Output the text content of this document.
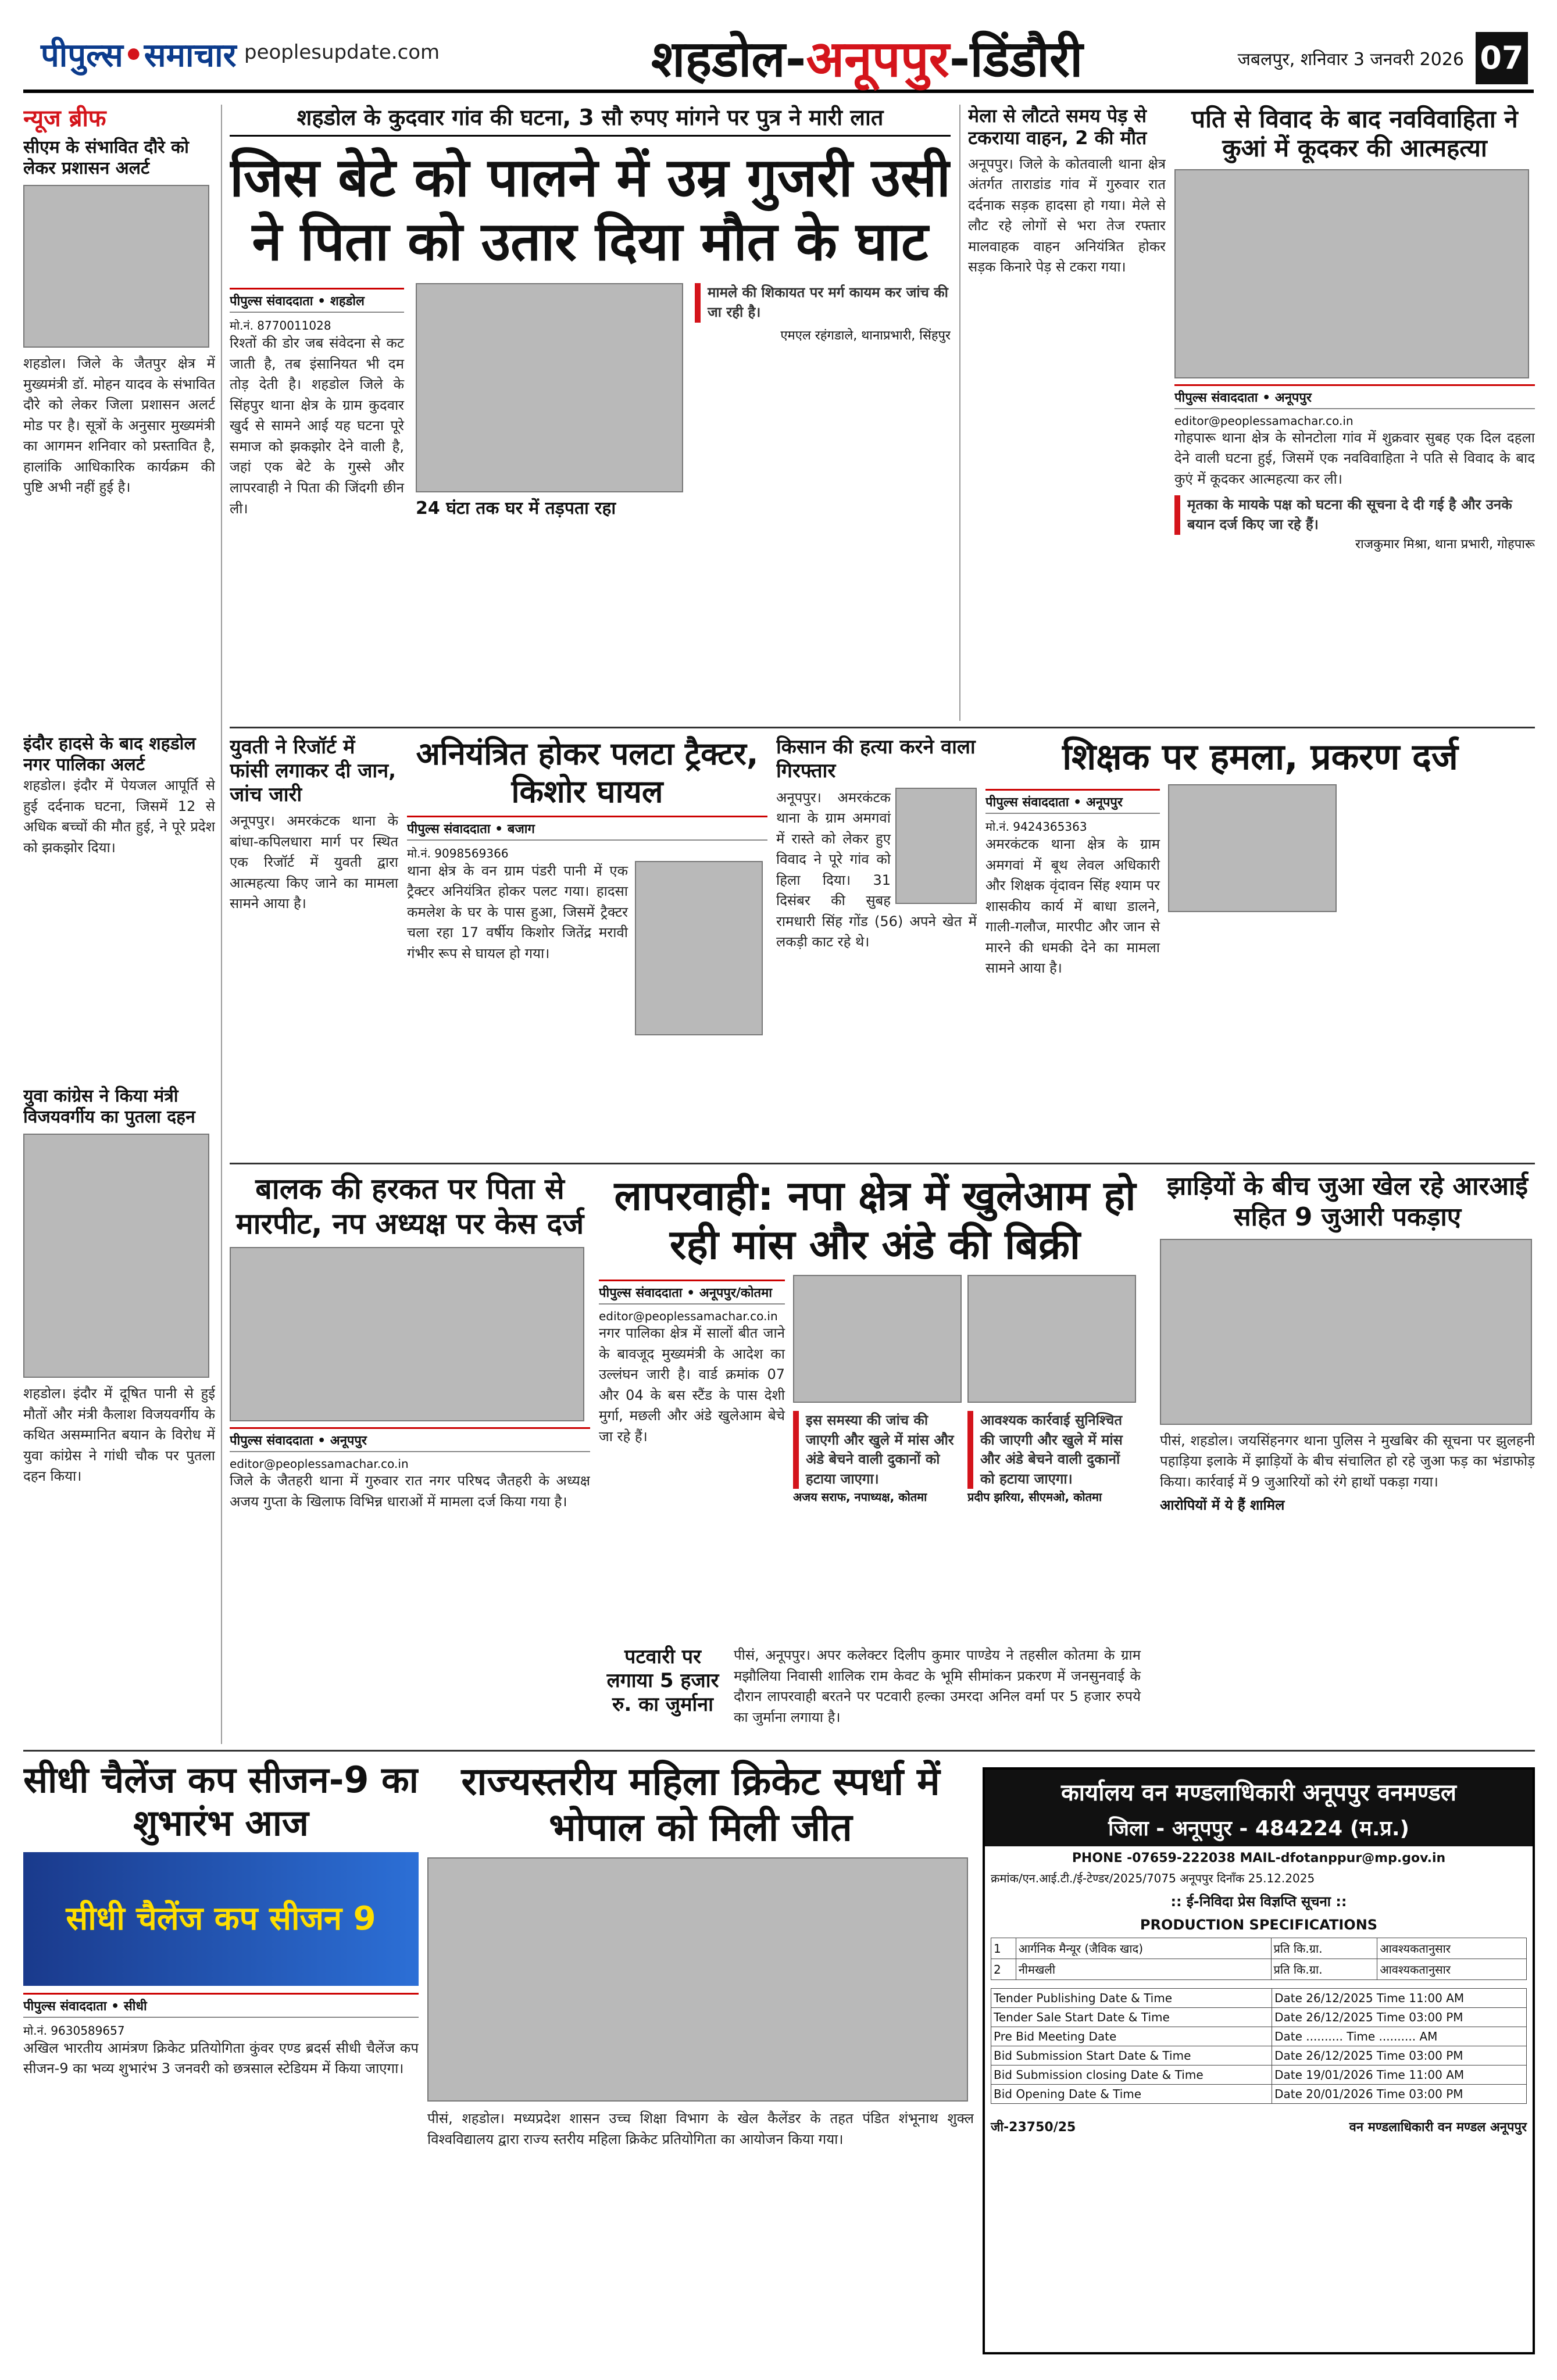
पीपुल्स•समाचार peoplesupdate.com	शहडोल-अनूपपुर-डिंडौरी	जबलपुर, शनिवार 3 जनवरी 2026 07
न्यूज ब्रीफ
सीएम के संभावित दौरे को लेकर प्रशासन अलर्ट
शहडोल। जिले के जैतपुर क्षेत्र में मुख्यमंत्री डॉ. मोहन यादव के संभावित दौरे को लेकर जिला प्रशासन अलर्ट मोड पर है। सूत्रों के अनुसार मुख्यमंत्री का आगमन शनिवार को प्रस्तावित है, हालांकि आधिकारिक कार्यक्रम की पुष्टि अभी नहीं हुई है।
इंदौर हादसे के बाद शहडोल नगर पालिका अलर्ट
शहडोल। इंदौर में पेयजल आपूर्ति से हुई दर्दनाक घटना, जिसमें 12 से अधिक बच्चों की मौत हुई, ने पूरे प्रदेश को झकझोर दिया।
युवा कांग्रेस ने किया मंत्री विजयवर्गीय का पुतला दहन
शहडोल। इंदौर में दूषित पानी से हुई मौतों और मंत्री कैलाश विजयवर्गीय के कथित असम्मानित बयान के विरोध में युवा कांग्रेस ने गांधी चौक पर पुतला दहन किया।
शहडोल के कुदवार गांव की घटना, 3 सौ रुपए मांगने पर पुत्र ने मारी लात
जिस बेटे को पालने में उम्र गुजरी उसी ने पिता को उतार दिया मौत के घाट
पीपुल्स संवाददाता • शहडोल
मो.नं. 8770011028
रिश्तों की डोर जब संवेदना से कट जाती है, तब इंसानियत भी दम तोड़ देती है। शहडोल जिले के सिंहपुर थाना क्षेत्र के ग्राम कुदवार खुर्द से सामने आई यह घटना पूरे समाज को झकझोर देने वाली है, जहां एक बेटे के गुस्से और लापरवाही ने पिता की जिंदगी छीन ली।	24 घंटा तक घर में तड़पता रहा
मामले की शिकायत पर मर्ग कायम कर जांच की जा रही है।
एमएल रहंगडाले, थानाप्रभारी, सिंहपुर
मेला से लौटते समय पेड़ से टकराया वाहन, 2 की मौत
अनूपपुर। जिले के कोतवाली थाना क्षेत्र अंतर्गत ताराडांड गांव में गुरुवार रात दर्दनाक सड़क हादसा हो गया। मेले से लौट रहे लोगों से भरा तेज रफ्तार मालवाहक वाहन अनियंत्रित होकर सड़क किनारे पेड़ से टकरा गया।
पति से विवाद के बाद नवविवाहिता ने कुआं में कूदकर की आत्महत्या
पीपुल्स संवाददाता • अनूपपुर
editor@peoplessamachar.co.in
गोहपारू थाना क्षेत्र के सोनटोला गांव में शुक्रवार सुबह एक दिल दहला देने वाली घटना हुई, जिसमें एक नवविवाहिता ने पति से विवाद के बाद कुएं में कूदकर आत्महत्या कर ली।
मृतका के मायके पक्ष को घटना की सूचना दे दी गई है और उनके बयान दर्ज किए जा रहे हैं।
राजकुमार मिश्रा, थाना प्रभारी, गोहपारू
युवती ने रिजॉर्ट में फांसी लगाकर दी जान, जांच जारी
अनूपपुर। अमरकंटक थाना के बांधा-कपिलधारा मार्ग पर स्थित एक रिजॉर्ट में युवती द्वारा आत्महत्या किए जाने का मामला सामने आया है।
अनियंत्रित होकर पलटा ट्रैक्टर, किशोर घायल
पीपुल्स संवाददाता • बजाग
मो.नं. 9098569366
थाना क्षेत्र के वन ग्राम पंडरी पानी में एक ट्रैक्टर अनियंत्रित होकर पलट गया। हादसा कमलेश के घर के पास हुआ, जिसमें ट्रैक्टर चला रहा 17 वर्षीय किशोर जितेंद्र मरावी गंभीर रूप से घायल हो गया।
किसान की हत्या करने वाला गिरफ्तार
अनूपपुर। अमरकंटक थाना के ग्राम अमगवां में रास्ते को लेकर हुए विवाद ने पूरे गांव को हिला दिया। 31 दिसंबर की सुबह रामधारी सिंह गोंड (56) अपने खेत में लकड़ी काट रहे थे।
शिक्षक पर हमला, प्रकरण दर्ज
पीपुल्स संवाददाता • अनूपपुर
मो.नं. 9424365363
अमरकंटक थाना क्षेत्र के ग्राम अमगवां में बूथ लेवल अधिकारी और शिक्षक वृंदावन सिंह श्याम पर शासकीय कार्य में बाधा डालने, गाली-गलौज, मारपीट और जान से मारने की धमकी देने का मामला सामने आया है।
बालक की हरकत पर पिता से मारपीट, नप अध्यक्ष पर केस दर्ज
पीपुल्स संवाददाता • अनूपपुर
editor@peoplessamachar.co.in
जिले के जैतहरी थाना में गुरुवार रात नगर परिषद जैतहरी के अध्यक्ष अजय गुप्ता के खिलाफ विभिन्न धाराओं में मामला दर्ज किया गया है।
लापरवाही: नपा क्षेत्र में खुलेआम हो रही मांस और अंडे की बिक्री
पीपुल्स संवाददाता • अनूपपुर/कोतमा
editor@peoplessamachar.co.in
नगर पालिका क्षेत्र में सालों बीत जाने के बावजूद मुख्यमंत्री के आदेश का उल्लंघन जारी है। वार्ड क्रमांक 07 और 04 के बस स्टैंड के पास देशी मुर्गा, मछली और अंडे खुलेआम बेचे जा रहे हैं।
इस समस्या की जांच की जाएगी और खुले में मांस और अंडे बेचने वाली दुकानों को हटाया जाएगा।
अजय सराफ, नपाध्यक्ष, कोतमा
आवश्यक कार्रवाई सुनिश्चित की जाएगी और खुले में मांस और अंडे बेचने वाली दुकानों को हटाया जाएगा।
प्रदीप झरिया, सीएमओ, कोतमा
पटवारी पर लगाया 5 हजार रु. का जुर्माना
पीसं, अनूपपुर। अपर कलेक्टर दिलीप कुमार पाण्डेय ने तहसील कोतमा के ग्राम मझौलिया निवासी शालिक राम केवट के भूमि सीमांकन प्रकरण में जनसुनवाई के दौरान लापरवाही बरतने पर पटवारी हल्का उमरदा अनिल वर्मा पर 5 हजार रुपये का जुर्माना लगाया है।
झाड़ियों के बीच जुआ खेल रहे आरआई सहित 9 जुआरी पकड़ाए
पीसं, शहडोल। जयसिंहनगर थाना पुलिस ने मुखबिर की सूचना पर झुलहनी पहाड़िया इलाके में झाड़ियों के बीच संचालित हो रहे जुआ फड़ का भंडाफोड़ किया। कार्रवाई में 9 जुआरियों को रंगे हाथों पकड़ा गया।
आरोपियों में ये हैं शामिल
सीधी चैलेंज कप सीजन-9 का शुभारंभ आज
सीधी चैलेंज कप सीजन 9
पीपुल्स संवाददाता • सीधी
मो.नं. 9630589657
अखिल भारतीय आमंत्रण क्रिकेट प्रतियोगिता कुंवर एण्ड ब्रदर्स सीधी चैलेंज कप सीजन-9 का भव्य शुभारंभ 3 जनवरी को छत्रसाल स्टेडियम में किया जाएगा।
राज्यस्तरीय महिला क्रिकेट स्पर्धा में भोपाल को मिली जीत
पीसं, शहडोल। मध्यप्रदेश शासन उच्च शिक्षा विभाग के खेल कैलेंडर के तहत पंडित शंभूनाथ शुक्ल विश्वविद्यालय द्वारा राज्य स्तरीय महिला क्रिकेट प्रतियोगिता का आयोजन किया गया।
कार्यालय वन मण्डलाधिकारी अनूपपुर वनमण्डल
जिला - अनूपपुर - 484224 (म.प्र.)
PHONE -07659-222038 MAIL-dfotanppur@mp.gov.in
क्रमांक/एन.आई.टी./ई-टेण्डर/2025/7075 अनूपपुर दिनाँक 25.12.2025
:: ई-निविदा प्रेस विज्ञप्ति सूचना ::
PRODUCTION SPECIFICATIONS
1	आर्गनिक मैन्यूर (जैविक खाद)	प्रति कि.ग्रा.	आवश्यकतानुसार
2	नीमखली	प्रति कि.ग्रा.	आवश्यकतानुसार
Tender Publishing Date & Time	Date 26/12/2025 Time 11:00 AM
Tender Sale Start Date & Time	Date 26/12/2025 Time 03:00 PM
Pre Bid Meeting Date	Date .......... Time .......... AM
Bid Submission Start Date & Time	Date 26/12/2025 Time 03:00 PM
Bid Submission closing Date & Time	Date 19/01/2026 Time 11:00 AM
Bid Opening Date & Time	Date 20/01/2026 Time 03:00 PM
जी-23750/25	वन मण्डलाधिकारी वन मण्डल अनूपपुर
